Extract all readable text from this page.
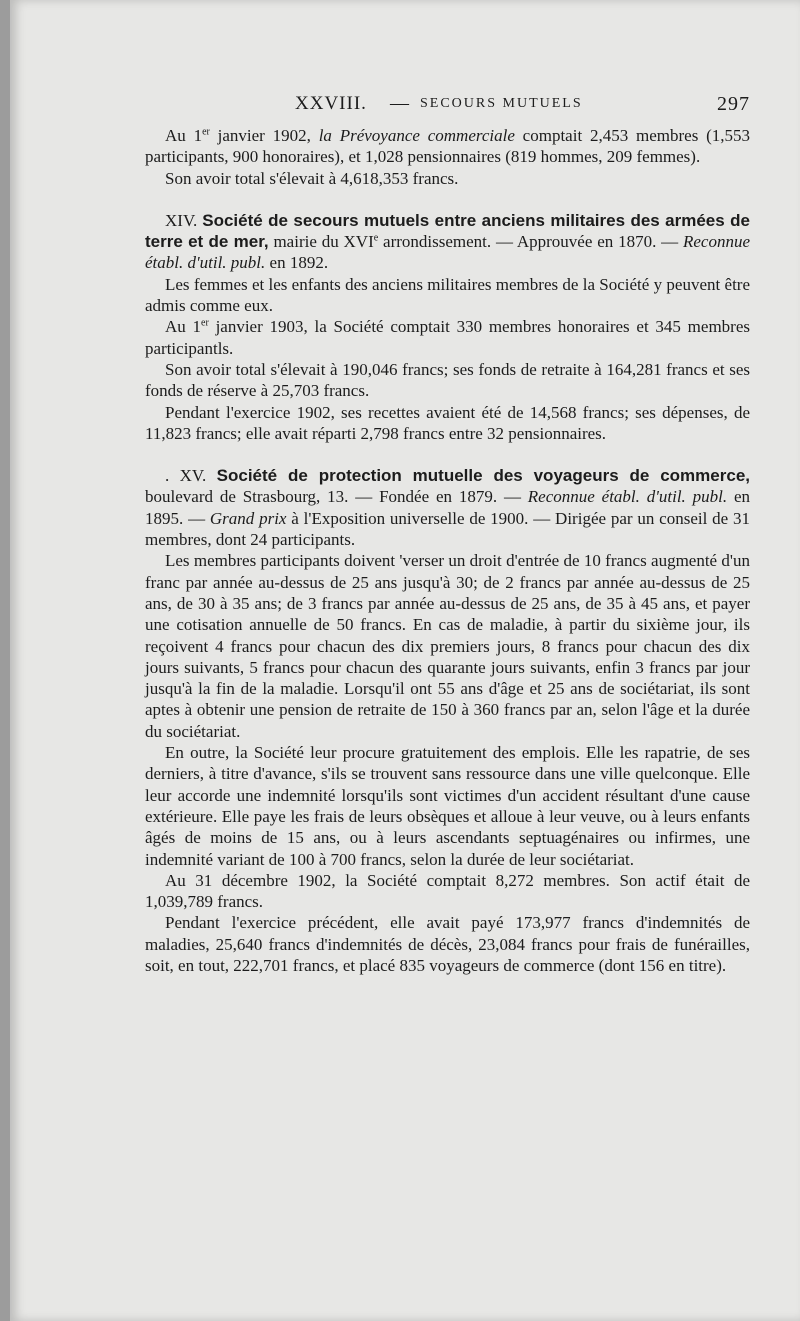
XXVIII. — SECOURS MUTUELS	297

Au 1er janvier 1902, la Prévoyance commerciale comptait 2,453 membres (1,553 participants, 900 honoraires), et 1,028 pensionnaires (819 hommes, 209 femmes).

Son avoir total s'élevait à 4,618,353 francs.

XIV. Société de secours mutuels entre anciens militaires des armées de terre et de mer, mairie du XVIe arrondissement. — Approuvée en 1870. — Reconnue établ. d'util. publ. en 1892.

Les femmes et les enfants des anciens militaires membres de la Société y peuvent être admis comme eux.

Au 1er janvier 1903, la Société comptait 330 membres honoraires et 345 membres participantls.

Son avoir total s'élevait à 190,046 francs; ses fonds de retraite à 164,281 francs et ses fonds de réserve à 25,703 francs.

Pendant l'exercice 1902, ses recettes avaient été de 14,568 francs; ses dépenses, de 11,823 francs; elle avait réparti 2,798 francs entre 32 pensionnaires.

. XV. Société de protection mutuelle des voyageurs de commerce, boulevard de Strasbourg, 13. — Fondée en 1879. — Reconnue établ. d'util. publ. en 1895. — Grand prix à l'Exposition universelle de 1900. — Dirigée par un conseil de 31 membres, dont 24 participants.

Les membres participants doivent 'verser un droit d'entrée de 10 francs augmenté d'un franc par année au-dessus de 25 ans jusqu'à 30; de 2 francs par année au-dessus de 25 ans, de 30 à 35 ans; de 3 francs par année au-dessus de 25 ans, de 35 à 45 ans, et payer une cotisation annuelle de 50 francs. En cas de maladie, à partir du sixième jour, ils reçoivent 4 francs pour chacun des dix premiers jours, 8 francs pour chacun des dix jours suivants, 5 francs pour chacun des quarante jours suivants, enfin 3 francs par jour jusqu'à la fin de la maladie. Lorsqu'il ont 55 ans d'âge et 25 ans de sociétariat, ils sont aptes à obtenir une pension de retraite de 150 à 360 francs par an, selon l'âge et la durée du sociétariat.

En outre, la Société leur procure gratuitement des emplois. Elle les rapatrie, de ses derniers, à titre d'avance, s'ils se trouvent sans ressource dans une ville quelconque. Elle leur accorde une indemnité lorsqu'ils sont victimes d'un accident résultant d'une cause extérieure. Elle paye les frais de leurs obsèques et alloue à leur veuve, ou à leurs enfants âgés de moins de 15 ans, ou à leurs ascendants septuagénaires ou infirmes, une indemnité variant de 100 à 700 francs, selon la durée de leur sociétariat.

Au 31 décembre 1902, la Société comptait 8,272 membres. Son actif était de 1,039,789 francs.

Pendant l'exercice précédent, elle avait payé 173,977 francs d'indemnités de maladies, 25,640 francs d'indemnités de décès, 23,084 francs pour frais de funérailles, soit, en tout, 222,701 francs, et placé 835 voyageurs de commerce (dont 156 en titre).
